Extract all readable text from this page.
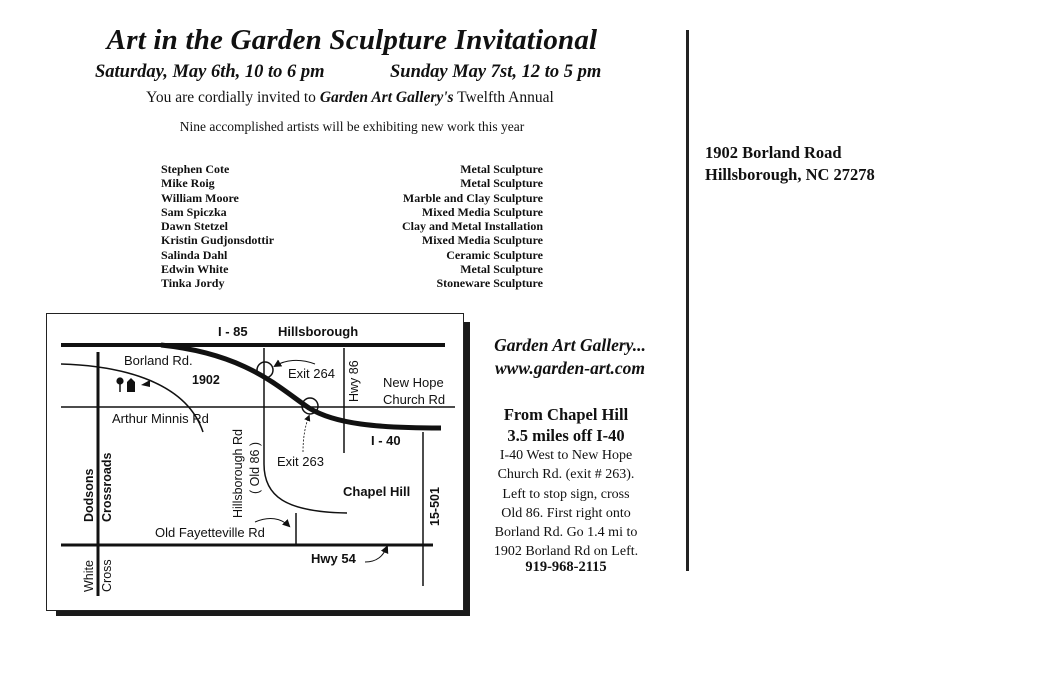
Art in the Garden Sculpture Invitational
Saturday, May 6th, 10 to 6 pm	Sunday May 7st, 12 to 5 pm
You are cordially invited to Garden Art Gallery's Twelfth Annual
Nine accomplished artists will be exhibiting new work this year
Stephen Cote	Metal Sculpture
Mike Roig	Metal Sculpture
William Moore	Marble and Clay Sculpture
Sam Spiczka	Mixed Media Sculpture
Dawn Stetzel	Clay and Metal Installation
Kristin Gudjonsdottir	Mixed Media Sculpture
Salinda Dahl	Ceramic Sculpture
Edwin White	Metal Sculpture
Tinka Jordy	Stoneware Sculpture
1902 Borland Road
Hillsborough, NC 27278
I - 85 Hillsborough
Borland Rd.
1902	Exit 264 Hwy 86 New Hope
Church Rd
Arthur Minnis Rd
I - 40
Hillsborough Rd ( Old 86 ) Exit 263
Chapel Hill
Dodsons Crossroads	15-501
Old Fayetteville Rd
Hwy 54
White Cross
Garden Art Gallery...
www.garden-art.com
From Chapel Hill
3.5 miles off I-40
I-40 West to New Hope
Church Rd. (exit # 263).
Left to stop sign, cross
Old 86. First right onto
Borland Rd. Go 1.4 mi to
1902 Borland Rd on Left.
919-968-2115
